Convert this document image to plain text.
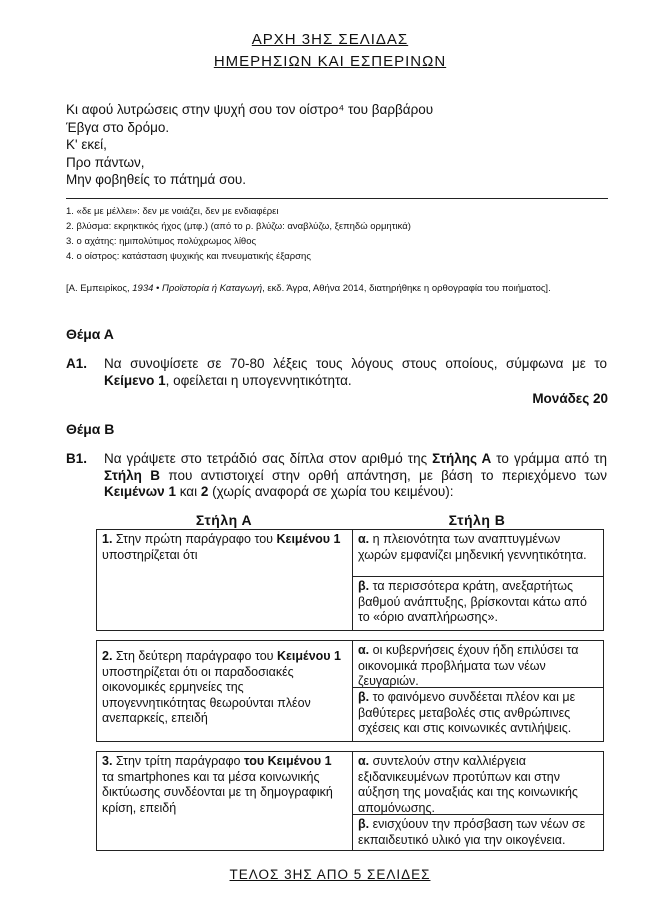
ΑΡΧΗ 3ΗΣ ΣΕΛΙΔΑΣ
ΗΜΕΡΗΣΙΩΝ ΚΑΙ ΕΣΠΕΡΙΝΩΝ
Κι αφού λυτρώσεις στην ψυχή σου τον οίστρο⁴ του βαρβάρου
Έβγα στο δρόμο.
Κ' εκεί,
Προ πάντων,
Μην φοβηθείς το πάτημά σου.
1. «δε με μέλλει»: δεν με νοιάζει, δεν με ενδιαφέρει
2. βλύσμα: εκρηκτικός ήχος (μτφ.) (από το ρ. βλύζω: αναβλύζω, ξεπηδώ ορμητικά)
3. ο αχάτης: ημιπολύτιμος πολύχρωμος λίθος
4. ο οίστρος: κατάσταση ψυχικής και πνευματικής έξαρσης
[Α. Εμπειρίκος, 1934 • Προϊστορία ή Καταγωγή, εκδ. Άγρα, Αθήνα 2014, διατηρήθηκε η ορθογραφία του ποιήματος].
Θέμα Α
Α1. Να συνοψίσετε σε 70-80 λέξεις τους λόγους στους οποίους, σύμφωνα με το Κείμενο 1, οφείλεται η υπογεννητικότητα.
Μονάδες 20
Θέμα Β
Β1. Να γράψετε στο τετράδιό σας δίπλα στον αριθμό της Στήλης Α το γράμμα από τη Στήλη Β που αντιστοιχεί στην ορθή απάντηση, με βάση το περιεχόμενο των Κειμένων 1 και 2 (χωρίς αναφορά σε χωρία του κειμένου):
Στήλη Α	Στήλη Β
1. Στην πρώτη παράγραφο του Κειμένου 1 υποστηρίζεται ότι
α. η πλειονότητα των αναπτυγμένων χωρών εμφανίζει μηδενική γεννητικότητα.
β. τα περισσότερα κράτη, ανεξαρτήτως βαθμού ανάπτυξης, βρίσκονται κάτω από το «όριο αναπλήρωσης».
2. Στη δεύτερη παράγραφο του Κειμένου 1 υποστηρίζεται ότι οι παραδοσιακές οικονομικές ερμηνείες της υπογεννητικότητας θεωρούνται πλέον ανεπαρκείς, επειδή
α. οι κυβερνήσεις έχουν ήδη επιλύσει τα οικονομικά προβλήματα των νέων ζευγαριών.
β. το φαινόμενο συνδέεται πλέον και με βαθύτερες μεταβολές στις ανθρώπινες σχέσεις και στις κοινωνικές αντιλήψεις.
3. Στην τρίτη παράγραφο του Κειμένου 1 τα smartphones και τα μέσα κοινωνικής δικτύωσης συνδέονται με τη δημογραφική κρίση, επειδή
α. συντελούν στην καλλιέργεια εξιδανικευμένων προτύπων και στην αύξηση της μοναξιάς και της κοινωνικής απομόνωσης.
β. ενισχύουν την πρόσβαση των νέων σε εκπαιδευτικό υλικό για την οικογένεια.
ΤΕΛΟΣ 3ΗΣ ΑΠΟ 5 ΣΕΛΙΔΕΣ
